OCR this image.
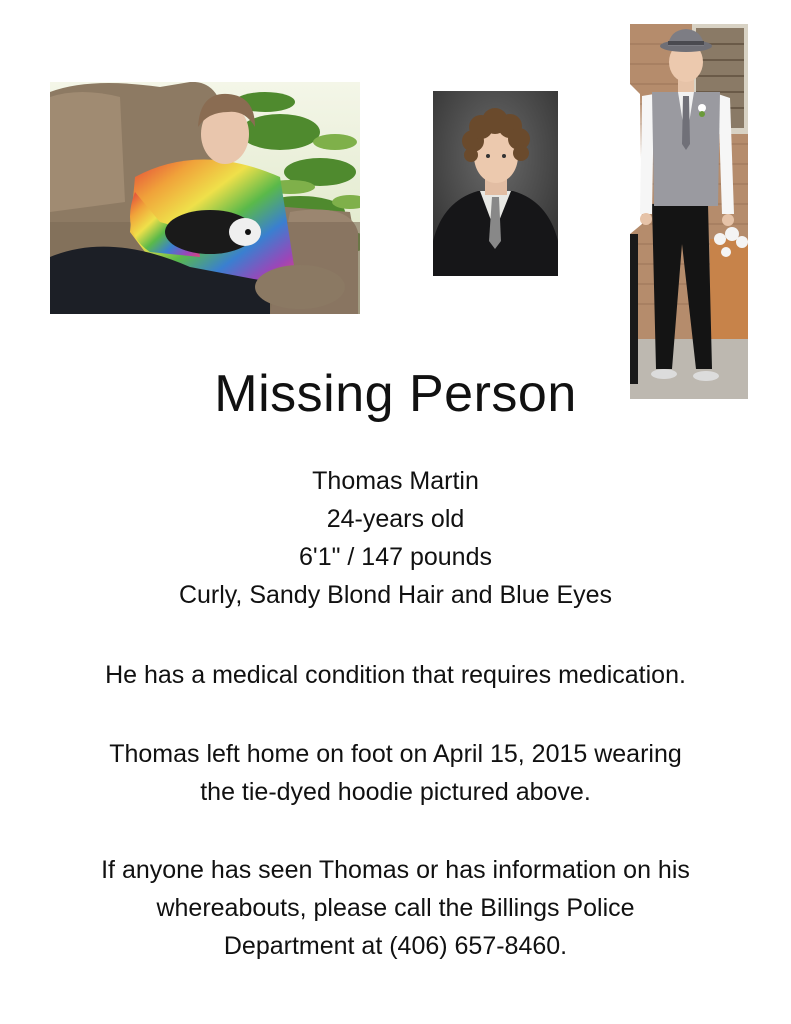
Missing Person
Thomas Martin
24-years old
6'1" / 147 pounds
Curly, Sandy Blond Hair and Blue Eyes
He has a medical condition that requires medication.
Thomas left home on foot on April 15, 2015 wearing
the tie-dyed hoodie pictured above.
If anyone has seen Thomas or has information on his
whereabouts, please call the Billings Police
Department at (406) 657-8460.
